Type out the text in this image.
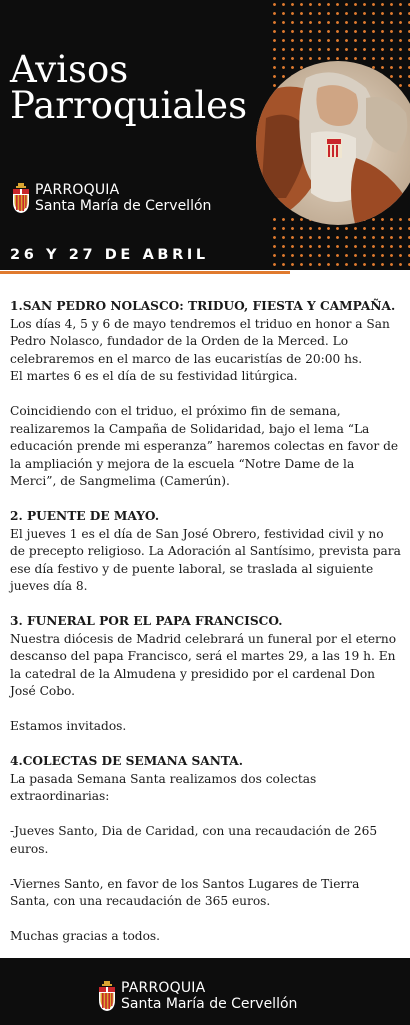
Avisos Parroquiales
PARROQUIA
Santa María de Cervellón
26 Y 27 DE ABRIL
1.SAN PEDRO NOLASCO: TRIDUO, FIESTA Y CAMPAÑA.

Los días 4, 5 y 6 de mayo tendremos el triduo en honor a San Pedro Nolasco, fundador de la Orden de la Merced. Lo celebraremos en el marco de las eucaristías de 20:00 hs.
El martes 6 es el día de su festividad litúrgica.

Coincidiendo con el triduo, el próximo fin de semana, realizaremos la Campaña de Solidaridad, bajo el lema “La educación prende mi esperanza” haremos colectas en favor de la ampliación y mejora de la escuela “Notre Dame de la Merci”, de Sangmelima (Camerún).

2. PUENTE DE MAYO.

El jueves 1 es el día de San José Obrero, festividad civil y no de precepto religioso. La Adoración al Santísimo, prevista para ese día festivo y de puente laboral, se traslada al siguiente jueves día 8.

3. FUNERAL POR EL PAPA FRANCISCO.

Nuestra diócesis de Madrid celebrará un funeral por el eterno descanso del papa Francisco, será el martes 29, a las 19 h. En la catedral de la Almudena y presidido por el cardenal Don José Cobo.

Estamos invitados.

4.COLECTAS DE SEMANA SANTA.

La pasada Semana Santa realizamos dos colectas extraordinarias:

-Jueves Santo, Dia de Caridad, con una recaudación de 265 euros.

-Viernes Santo, en favor de los Santos Lugares de Tierra Santa, con una recaudación de 365 euros.

Muchas gracias a todos.

PARROQUIA
Santa María de Cervellón
